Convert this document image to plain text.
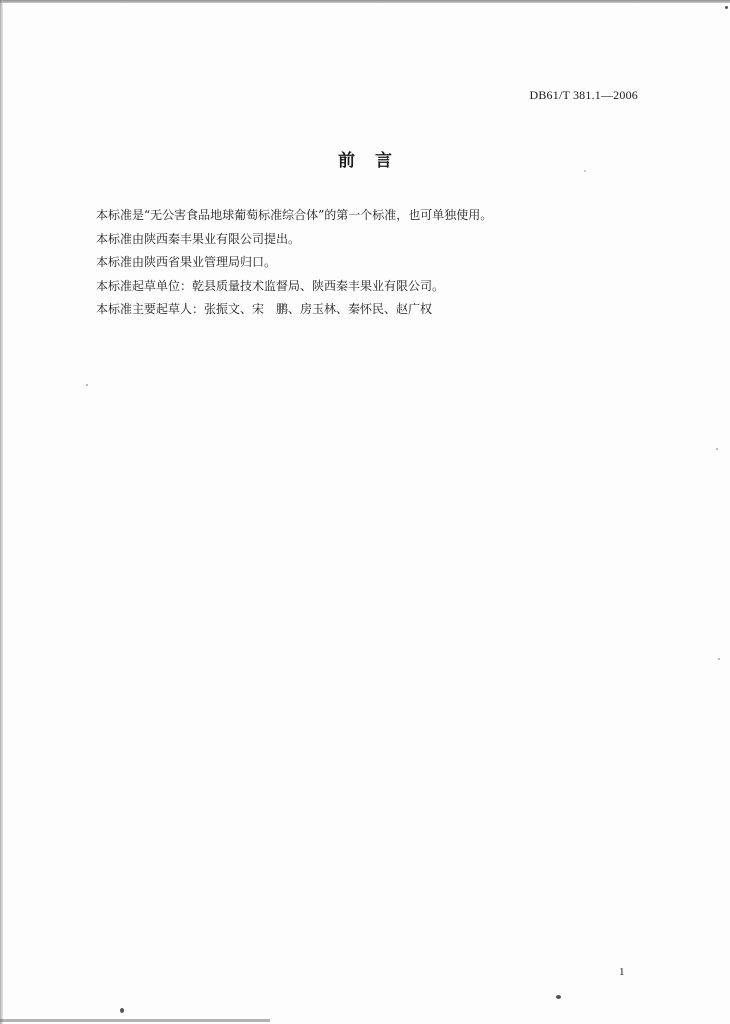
DB61/T 381.1—2006
前言

本标准是“无公害食品地球葡萄标准综合体”的第一个标准，也可单独使用。

本标准由陕西秦丰果业有限公司提出。

本标准由陕西省果业管理局归口。

本标准起草单位：乾县质量技术监督局、陕西秦丰果业有限公司。

本标准主要起草人：张振文、宋　鹏、房玉林、秦怀民、赵广权

1
